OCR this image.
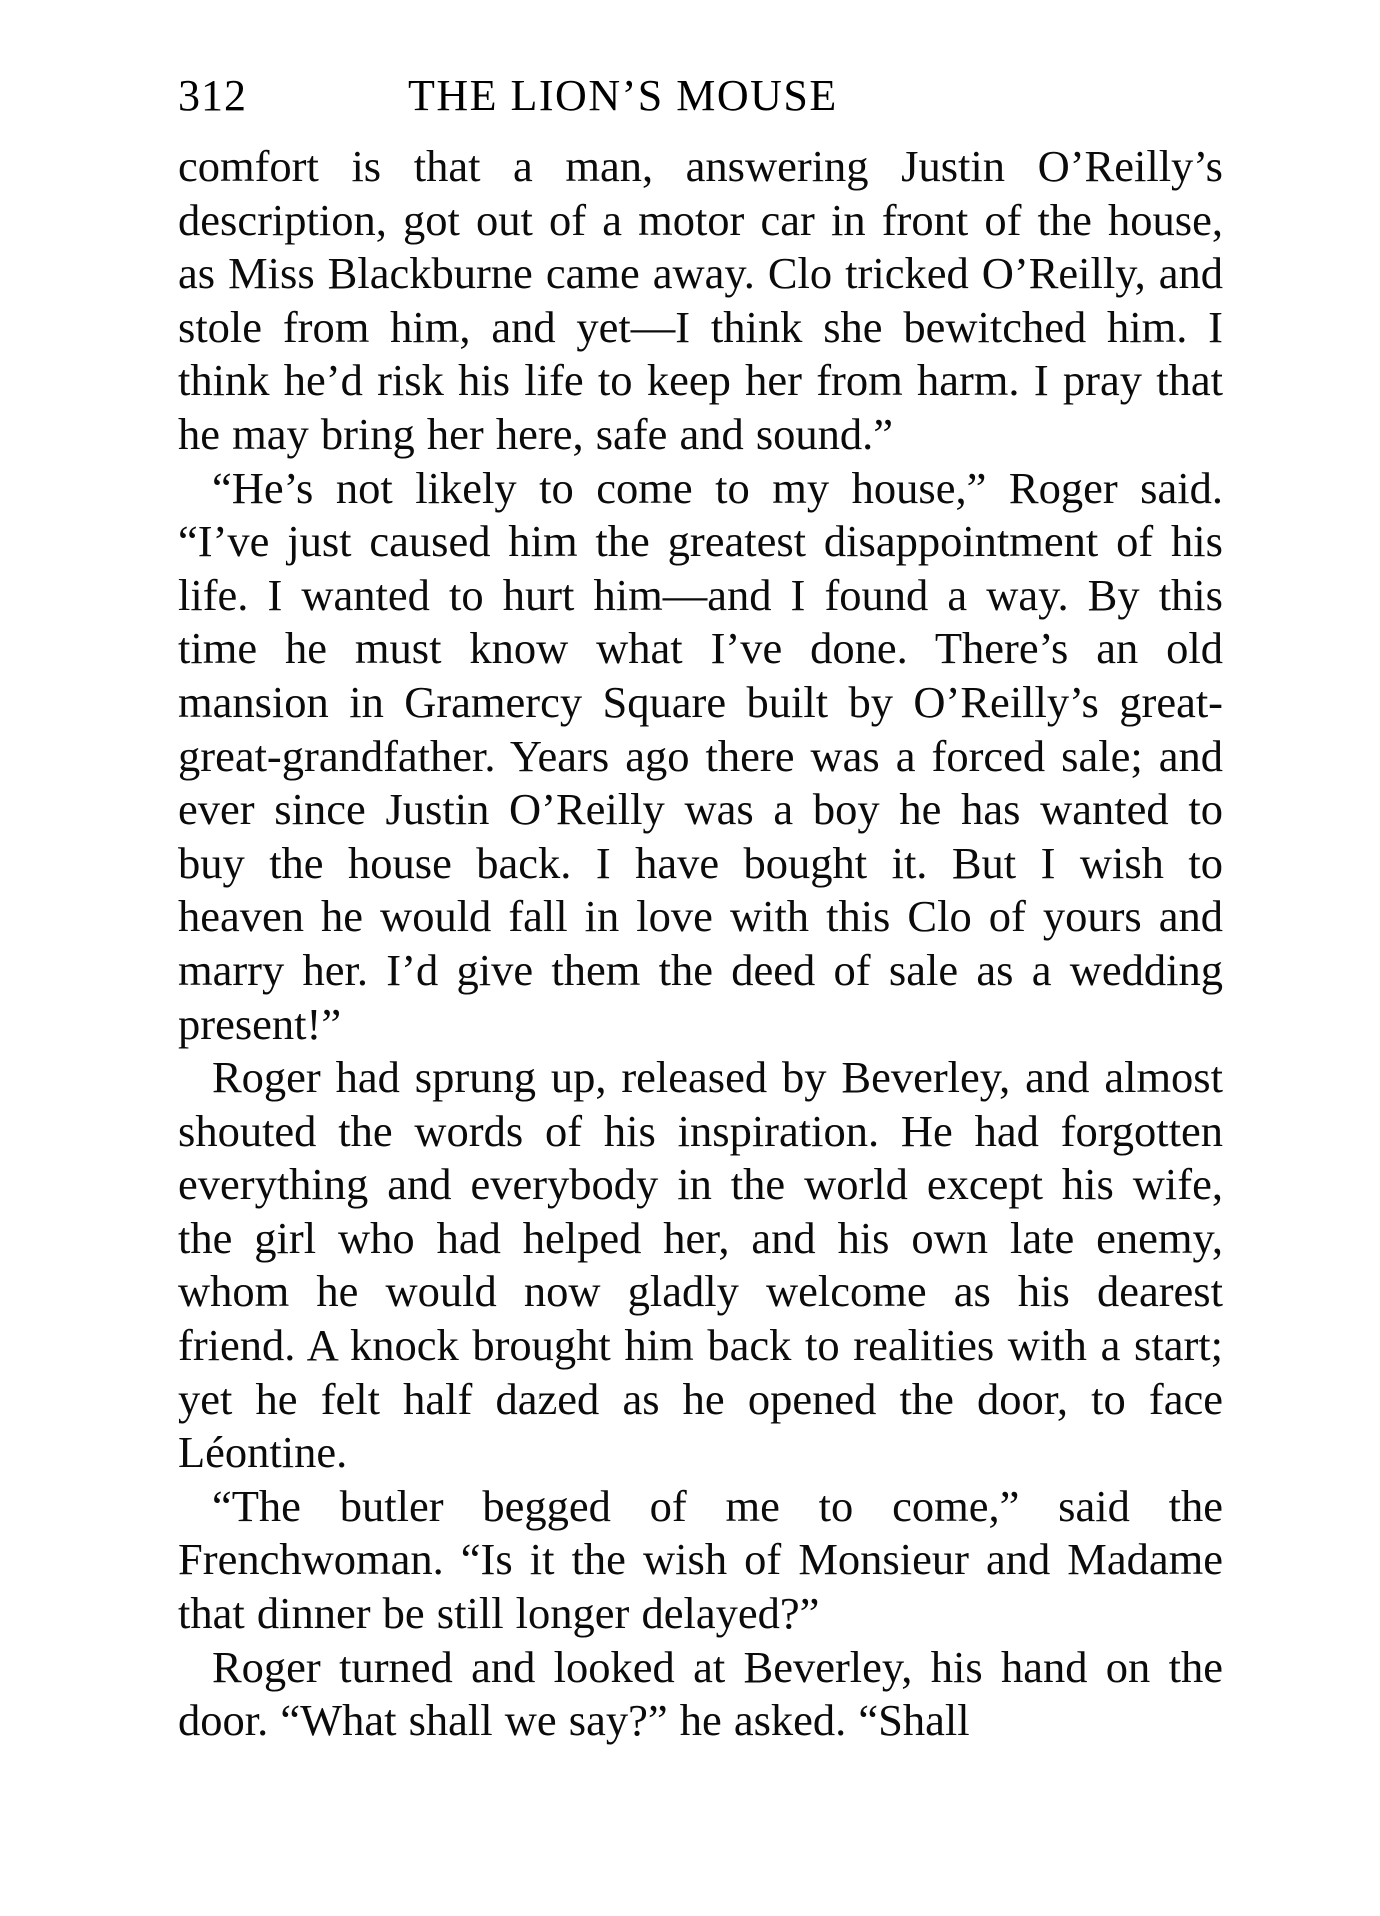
312	THE LION’S MOUSE

comfort is that a man, answering Justin O’Reilly’s description, got out of a motor car in front of the house, as Miss Blackburne came away. Clo tricked O’Reilly, and stole from him, and yet—I think she bewitched him. I think he’d risk his life to keep her from harm. I pray that he may bring her here, safe and sound.”

“He’s not likely to come to my house,” Roger said. “I’ve just caused him the greatest disappointment of his life. I wanted to hurt him—and I found a way. By this time he must know what I’ve done. There’s an old mansion in Gramercy Square built by O’Reilly’s great-great-grandfather. Years ago there was a forced sale; and ever since Justin O’Reilly was a boy he has wanted to buy the house back. I have bought it. But I wish to heaven he would fall in love with this Clo of yours and marry her. I’d give them the deed of sale as a wedding present!”

Roger had sprung up, released by Beverley, and almost shouted the words of his inspiration. He had forgotten everything and everybody in the world except his wife, the girl who had helped her, and his own late enemy, whom he would now gladly welcome as his dearest friend. A knock brought him back to realities with a start; yet he felt half dazed as he opened the door, to face Léontine.

“The butler begged of me to come,” said the Frenchwoman. “Is it the wish of Monsieur and Madame that dinner be still longer delayed?”

Roger turned and looked at Beverley, his hand on the door. “What shall we say?” he asked. “Shall
